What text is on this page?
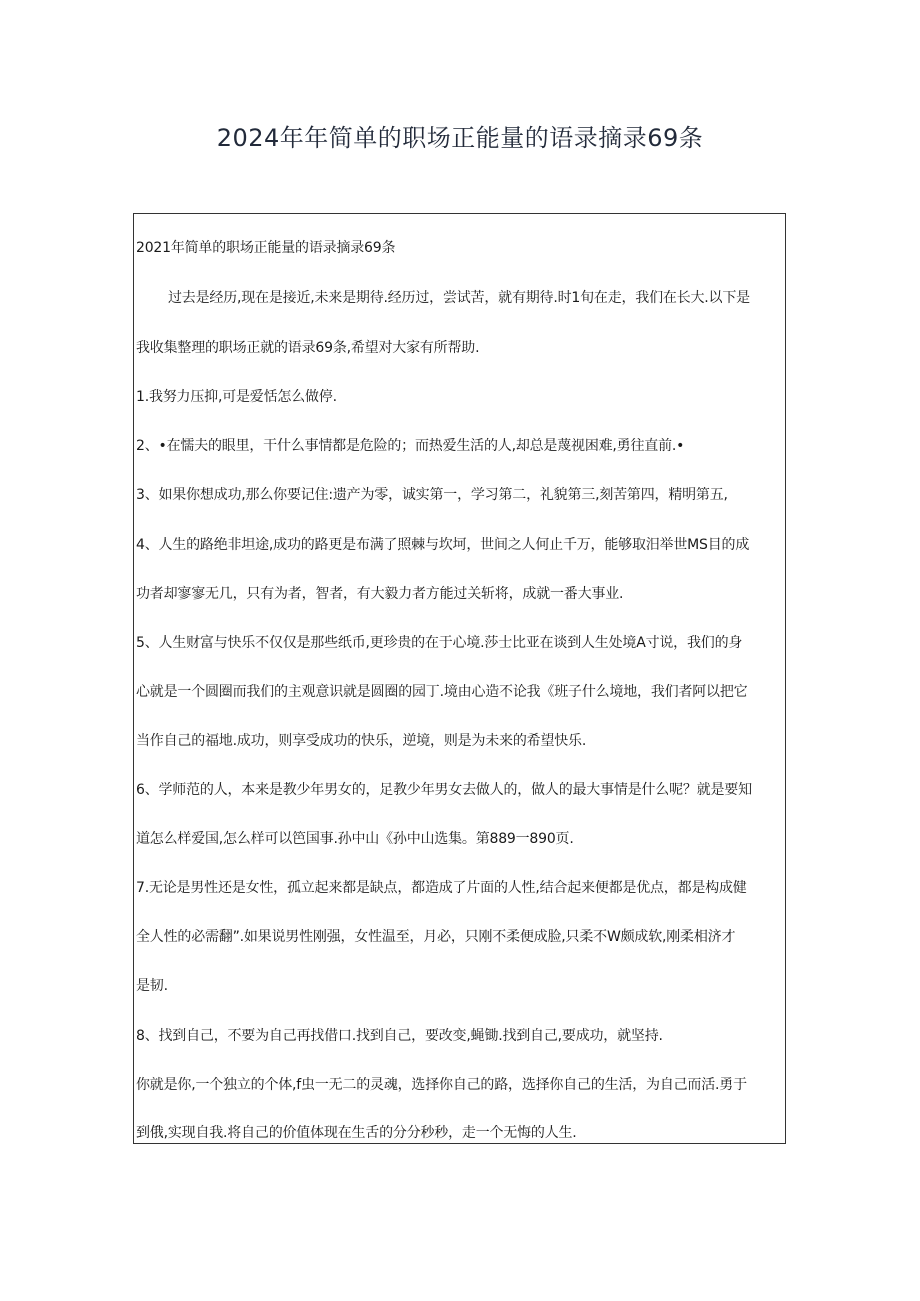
2024年年简单的职场正能量的语录摘录69条
2021年简单的职场正能量的语录摘录69条
过去是经历,现在是接近,未来是期待.经历过，尝试苦，就有期待.时1旬在走，我们在长大.以下是
我收集整理的职场正就的语录69条,希望对大家有所帮助.
1.我努力压抑,可是爱恬怎么做停.
2、•在懦夫的眼里，干什么事情都是危险的；而热爱生活的人,却总是蔑视困难,勇往直前.•
3、如果你想成功,那么你要记住:遗产为零，诚实第一，学习第二，礼貌第三,刻苦第四，精明第五,
4、人生的路绝非坦途,成功的路更是布满了照棘与坎坷，世间之人何止千万，能够取汨举世MS目的成
功者却寥寥无几，只有为者，智者，有大毅力者方能过关斩将，成就一番大事业.
5、人生财富与快乐不仅仅是那些纸币,更珍贵的在于心境.莎士比亚在谈到人生处境A寸说，我们的身
心就是一个圆圈而我们的主观意识就是圆圈的园丁.境由心造不论我《班子什么境地，我们者阿以把它
当作自己的福地.成功，则享受成功的快乐，逆境，则是为未来的希望快乐.
6、学师范的人，本来是教少年男女的，足教少年男女去做人的，做人的最大事情是什么呢？就是要知
道怎么样爱国,怎么样可以笆国事.孙中山《孙中山选集。第889一890页.
7.无论是男性还是女性，孤立起来都是缺点，都造成了片面的人性,结合起来便都是优点，都是构成健
全人性的必需翻”.如果说男性刚强，女性温至，月必，只刚不柔便成脸,只柔不W颇成软,刚柔相济才
是韧.
8、找到自己，不要为自己再找借口.找到自己，要改变,蝇锄.找到自己,要成功，就坚持.
你就是你,一个独立的个体,f虫一无二的灵魂，选择你自己的路，选择你自己的生活，为自己而活.勇于
到俄,实现自我.将自己的价值体现在生舌的分分秒秒，走一个无悔的人生.
